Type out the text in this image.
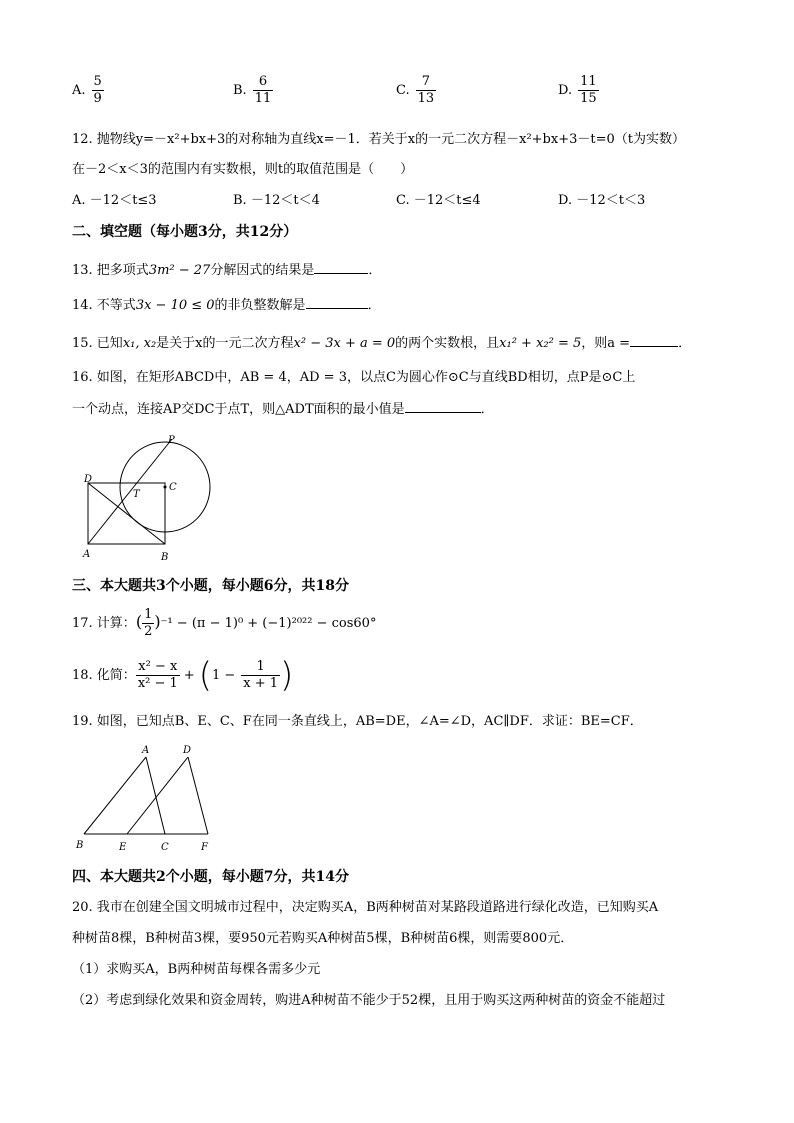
A. $\frac{5}{9}$	B. $\frac{6}{11}$	C. $\frac{7}{13}$	D. $\frac{11}{15}$
12. 抛物线y=－x²+bx+3的对称轴为直线x=－1．若关于x的一元二次方程－x²+bx+3－t=0（t为实数）
在－2＜x＜3的范围内有实数根，则t的取值范围是（　　）
A. －12＜t≤3	B. －12＜t＜4	C. －12＜t≤4	D. －12＜t＜3
二、填空题（每小题3分，共12分）
13. 把多项式3m² − 27分解因式的结果是	．
14. 不等式3x − 10 ≤ 0的非负整数解是	．
15. 已知x₁, x₂是关于x的一元二次方程x² − 3x + a = 0的两个实数根，且x₁² + x₂² = 5，则a =	．
16. 如图，在矩形ABCD中，AB = 4，AD = 3，以点C为圆心作⊙C与直线BD相切，点P是⊙C上
一个动点，连接AP交DC于点T，则△ADT面积的最小值是	．
P
D
C
T
A	B
三、本大题共3个小题，每小题6分，共18分
17. 计算：( $\frac{1}{2} )^{-1} - (\pi - 1)^0 + (-1)^{2022} - \cos 60^\circ$
18. 化简： $\frac{\text{x² − x}}{\text{x² − 1}} + (1 - \frac{1}{x + 1}$ )
19. 如图，已知点B、E、C、F在同一条直线上，AB=DE，∠A=∠D，AC∥DF．求证：BE=CF．
A	D
B	E	C	F
四、本大题共2个小题，每小题7分，共14分
20. 我市在创建全国文明城市过程中，决定购买A，B两种树苗对某路段道路进行绿化改造，已知购买A
种树苗8棵，B种树苗3棵，要950元若购买A种树苗5棵，B种树苗6棵，则需要800元．
（1）求购买A，B两种树苗每棵各需多少元
（2）考虑到绿化效果和资金周转，购进A种树苗不能少于52棵，且用于购买这两种树苗的资金不能超过
